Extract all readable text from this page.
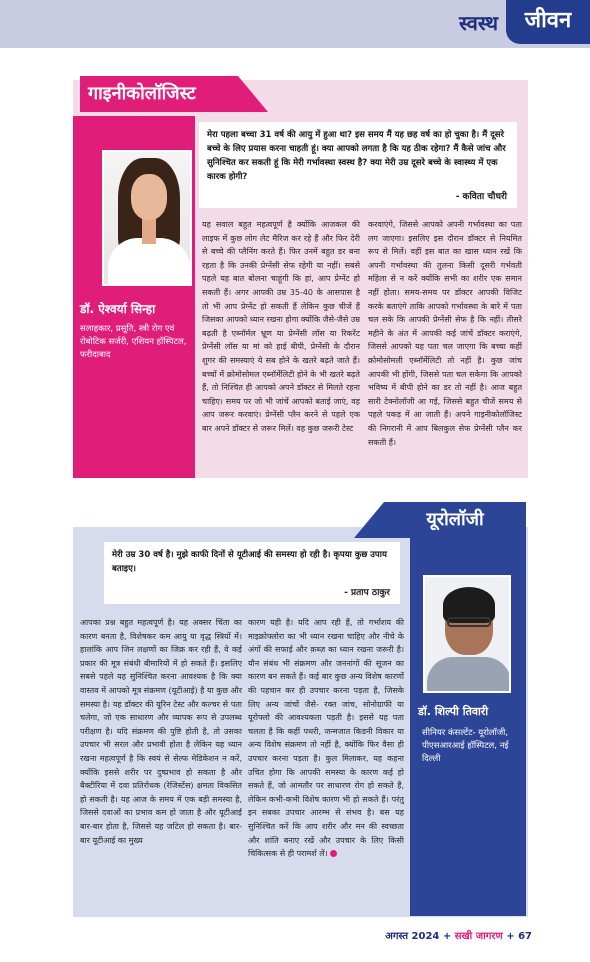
स्वस्थ	जीवन
गाइनीकोलॉजिस्ट
डॉ. ऐश्वर्या सिन्हा
सलाहकार, प्रसूति, स्त्री रोग एवं रोबोटिक सर्जरी, एशियन हॉस्पिटल, फरीदाबाद
मेरा पहला बच्चा 31 वर्ष की आयु में हुआ था? इस समय मैं यह छह वर्ष का हो चुका है। मैं दूसरे बच्चे के लिए प्रयास करना चाहती हूं। क्या आपको लगता है कि यह ठीक रहेगा? मैं कैसे जांच और सुनिश्चित कर सकती हूं कि मेरी गर्भावस्था स्वस्थ है? क्या मेरी उम्र दूसरे बच्चे के स्वास्थ्य में एक कारक होगी?
- कविता चौधरी
यह सवाल बहुत महत्वपूर्ण है क्योंकि आजकल की लाइफ में कुछ लोग लेट मैरिज कर रहे हैं और फिर देरी से बच्चे की प्लैनिंग करते हैं। फिर उनमें बहुत डर बना रहता है कि उनकी प्रेग्नेंसी सेफ रहेगी या नहीं। सबसे पहले यह बात बोलना चाहूंगी कि हां, आप प्रेग्नेंट हो सकती हैं। अगर आपकी उम्र 35-40 के आसपास है तो भी आप प्रेग्नेंट हो सकती हैं लेकिन कुछ चीजें हैं जिसका आपको ध्यान रखना होगा क्योंकि जैसे-जैसे उम्र बढ़ती है एब्नॉर्मल भ्रूण या प्रेग्नेंसी लॉस या रिकरेंट प्रेग्नेंसी लॉस या मां को हाई बीपी, प्रेग्नेंसी के दौरान शुगर की समस्याएं ये सब होने के खतरे बढ़ते जाते हैं। बच्चों में क्रोमोसोमल एब्नॉर्मेलिटी होने के भी खतरे बढ़ते हैं, तो निश्चित ही आपको अपने डॉक्टर से मिलते रहना चाहिए। समय पर जो भी जांचें आपको बताई जाएं, वह आप जरूर करवाएं। प्रेग्नेंसी प्लैन करने से पहले एक बार अपने डॉक्टर से जरूर मिलें। वह कुछ जरूरी टेस्ट
करवाएंगे, जिससे आपको अपनी गर्भावस्था का पता लग जाएगा। इसलिए इस दौरान डॉक्टर से नियमित रूप से मिलें। वहीं इस बात का खास ध्यान रखें कि अपनी गर्भावस्था की तुलना किसी दूसरी गर्भवती महिला से न करें क्योंकि सभी का शरीर एक समान नहीं होता। समय-समय पर डॉक्टर आपकी विजिट करके बताएंगे ताकि आपको गर्भावस्था के बारे में पता चल सके कि आपकी प्रेग्नेंसी सेफ है कि नहीं। तीसरे महीने के अंत में आपकी कई जांचें डॉक्टर कराएंगे, जिससे आपको यह पता चल जाएगा कि बच्चा कहीं क्रोमोसोमली एब्नॉर्मेलिटी तो नहीं है। कुछ जांच आपकी भी होंगी, जिससे पता चल सकेगा कि आपको भविष्य में बीपी होने का डर तो नहीं है। आज बहुत सारी टेक्नोलॉजी आ गई, जिससे बहुत चीजें समय से पहले पकड़ में आ जाती हैं। अपने गाइनीकोलॉजिस्ट की निगरानी में आप बिलकुल सेफ प्रेग्नेंसी प्लैन कर सकती हैं।
यूरोलॉजी
डॉ. शिल्पी तिवारी
सीनियर कंसल्टेंट- यूरोलॉजी, पीएसआरआई हॉस्पिटल, नई दिल्ली
मेरी उम्र 30 वर्ष है। मुझे काफी दिनों से यूटीआई की समस्या हो रही है। कृपया कुछ उपाय बताइए।
- प्रताप ठाकुर
आपका प्रश्न बहुत महत्वपूर्ण है। यह अक्सर चिंता का कारण बनता है, विशेषकर कम आयु या वृद्ध स्त्रियों में। हालांकि आप जिन लक्षणों का जिक्र कर रही हैं, वे कई प्रकार की मूत्र संबंधी बीमारियों में हो सकते हैं। इसलिए सबसे पहले यह सुनिश्चित करना आवश्यक है कि क्या वास्तव में आपको मूत्र संक्रमण (यूटीआई) है या कुछ और समस्या है। यह डॉक्टर की यूरिन टेस्ट और कल्चर से पता चलेगा, जो एक साधारण और व्यापक रूप से उपलब्ध परीक्षण है। यदि संक्रमण की पुष्टि होती है, तो उसका उपचार भी सरल और प्रभावी होता है लेकिन यह ध्यान रखना महत्वपूर्ण है कि स्वयं से सेल्फ मेडिकेशन न करें, क्योंकि इससे शरीर पर दुष्प्रभाव हो सकता है और बैक्टीरिया में दवा प्रतिरोधक (रेजिस्टेंस) क्षमता विकसित हो सकती है। यह आज के समय में एक बड़ी समस्या है, जिससे दवाओं का प्रभाव कम हो जाता है और यूटीआई बार-बार होता है, जिससे यह जटिल हो सकता है। बार-बार यूटीआई का मुख्य
कारण यही है। यदि आप रही हैं, तो गर्भाशय की माइक्रोफ्लोरा का भी ध्यान रखना चाहिए और नीचे के अंगों की सफाई और क़ब्ज़ का ध्यान रखना जरूरी है। यौन संबंध भी संक्रमण और जननांगों की सूजन का कारण बन सकते हैं। कई बार कुछ अन्य विशेष कारणों की पहचान कर ही उपचार करना पड़ता है, जिसके लिए अन्य जांचों जैसे- रक्त जांच, सोनोग्राफी या यूरोफ्लो की आवश्यकता पड़ती है। इससे यह पता चलता है कि कहीं पथरी, जन्मजात किडनी विकार या अन्य विशेष संक्रमण तो नहीं है, क्योंकि फिर वैसा ही उपचार करना पड़ता है। कुल मिलाकर, यह कहना उचित होगा कि आपकी समस्या के कारण कई हो सकते हैं, जो आमतौर पर साधारण रोग हो सकते हैं, लेकिन कभी-कभी विशेष कारण भी हो सकते हैं। परंतु इन सबका उपचार आरम्भ से संभव है। बस यह सुनिश्चित करें कि आप शरीर और मन की स्वच्छता और शांति बनाए रखें और उपचार के लिए किसी चिकित्सक से ही परामर्श लें।
अगस्त 2024 + सखी जागरण + 67
